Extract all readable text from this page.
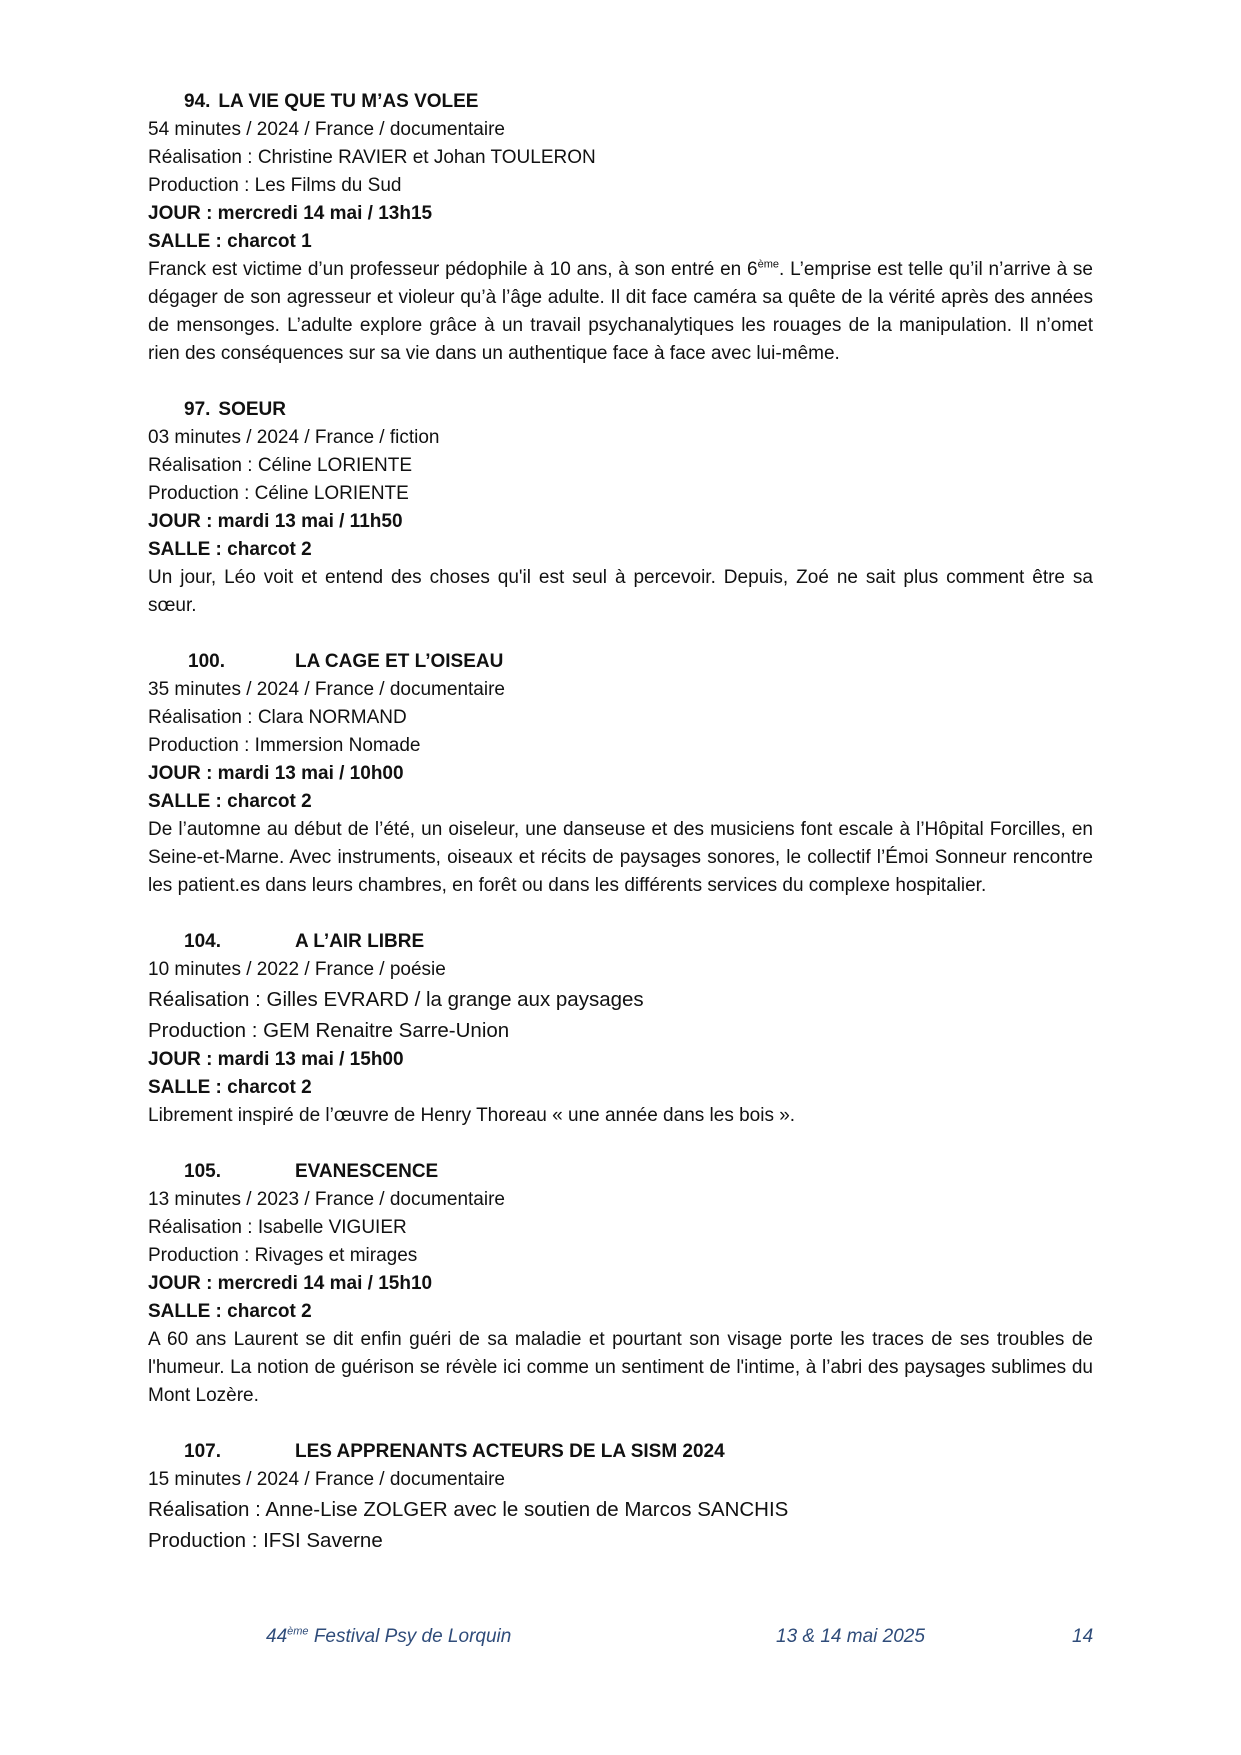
94. LA VIE QUE TU M’AS VOLEE
54 minutes / 2024 / France / documentaire
Réalisation : Christine RAVIER et Johan TOULERON
Production : Les Films du Sud
JOUR : mercredi 14 mai / 13h15
SALLE : charcot 1
Franck est victime d’un professeur pédophile à 10 ans, à son entré en 6ème. L’emprise est telle qu’il n’arrive à se dégager de son agresseur et violeur qu’à l’âge adulte. Il dit face caméra sa quête de la vérité après des années de mensonges. L’adulte explore grâce à un travail psychanalytiques les rouages de la manipulation. Il n’omet rien des conséquences sur sa vie dans un authentique face à face avec lui-même.
97. SOEUR
03 minutes / 2024 / France / fiction
Réalisation : Céline LORIENTE
Production : Céline LORIENTE
JOUR : mardi 13 mai / 11h50
SALLE : charcot 2
Un jour, Léo voit et entend des choses qu'il est seul à percevoir. Depuis, Zoé ne sait plus comment être sa sœur.
100.	LA CAGE ET L’OISEAU
35 minutes / 2024 / France / documentaire
Réalisation : Clara NORMAND
Production : Immersion Nomade
JOUR : mardi 13 mai / 10h00
SALLE : charcot 2
De l’automne au début de l’été, un oiseleur, une danseuse et des musiciens font escale à l’Hôpital Forcilles, en Seine-et-Marne. Avec instruments, oiseaux et récits de paysages sonores, le collectif l’Émoi Sonneur rencontre les patient.es dans leurs chambres, en forêt ou dans les différents services du complexe hospitalier.
104.	A L’AIR LIBRE
10 minutes / 2022 / France / poésie
Réalisation : Gilles EVRARD / la grange aux paysages
Production : GEM Renaitre Sarre-Union
JOUR : mardi 13 mai / 15h00
SALLE : charcot 2
Librement inspiré de l’œuvre de Henry Thoreau « une année dans les bois ».
105.	EVANESCENCE
13 minutes / 2023 / France / documentaire
Réalisation : Isabelle VIGUIER
Production : Rivages et mirages
JOUR : mercredi 14 mai / 15h10
SALLE : charcot 2
A 60 ans Laurent se dit enfin guéri de sa maladie et pourtant son visage porte les traces de ses troubles de l'humeur. La notion de guérison se révèle ici comme un sentiment de l'intime, à l’abri des paysages sublimes du Mont Lozère.
107.	LES APPRENANTS ACTEURS DE LA SISM 2024
15 minutes / 2024 / France / documentaire
Réalisation : Anne-Lise ZOLGER avec le soutien de Marcos SANCHIS
Production : IFSI Saverne
44ème Festival Psy de Lorquin	13 & 14 mai 2025	14
